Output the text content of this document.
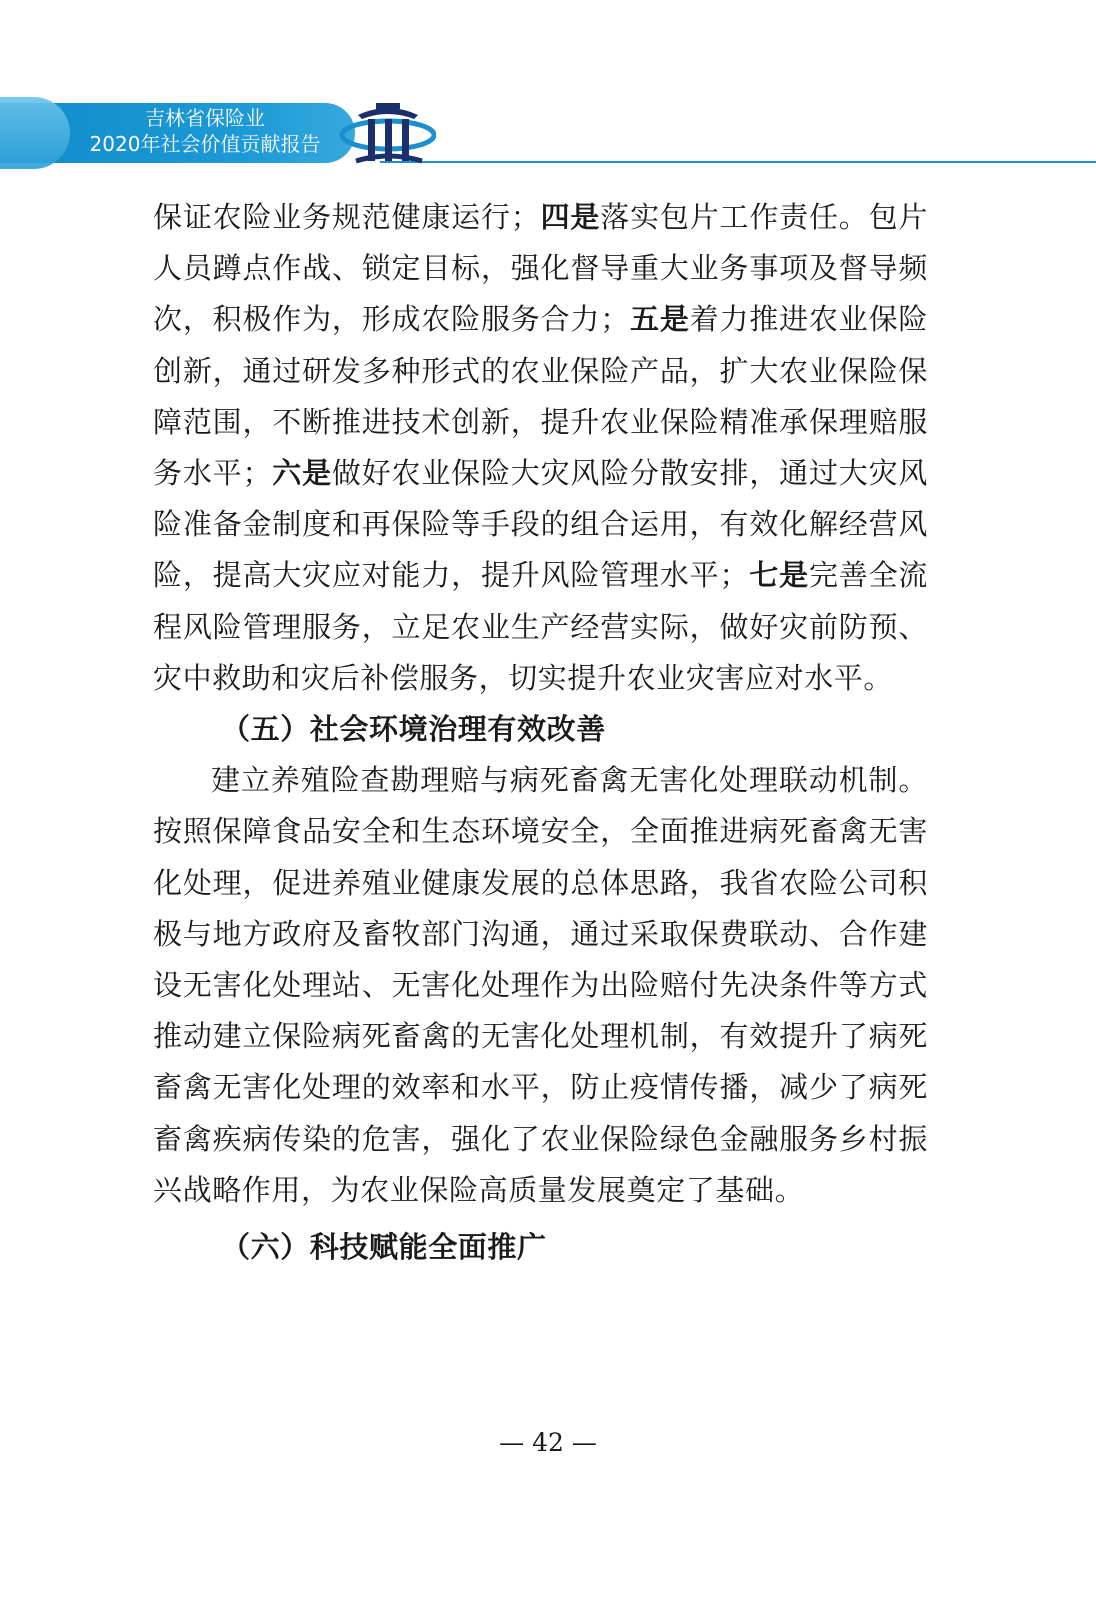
吉林省保险业
2020年社会价值贡献报告

保证农险业务规范健康运行；四是落实包片工作责任。包片人员蹲点作战、锁定目标，强化督导重大业务事项及督导频次，积极作为，形成农险服务合力；五是着力推进农业保险创新，通过研发多种形式的农业保险产品，扩大农业保险保障范围，不断推进技术创新，提升农业保险精准承保理赔服务水平；六是做好农业保险大灾风险分散安排，通过大灾风险准备金制度和再保险等手段的组合运用，有效化解经营风险，提高大灾应对能力，提升风险管理水平；七是完善全流程风险管理服务，立足农业生产经营实际，做好灾前防预、灾中救助和灾后补偿服务，切实提升农业灾害应对水平。

（五）社会环境治理有效改善

建立养殖险查勘理赔与病死畜禽无害化处理联动机制。按照保障食品安全和生态环境安全，全面推进病死畜禽无害化处理，促进养殖业健康发展的总体思路，我省农险公司积极与地方政府及畜牧部门沟通，通过采取保费联动、合作建设无害化处理站、无害化处理作为出险赔付先决条件等方式推动建立保险病死畜禽的无害化处理机制，有效提升了病死畜禽无害化处理的效率和水平，防止疫情传播，减少了病死畜禽疾病传染的危害，强化了农业保险绿色金融服务乡村振兴战略作用，为农业保险高质量发展奠定了基础。

（六）科技赋能全面推广

— 42 —
